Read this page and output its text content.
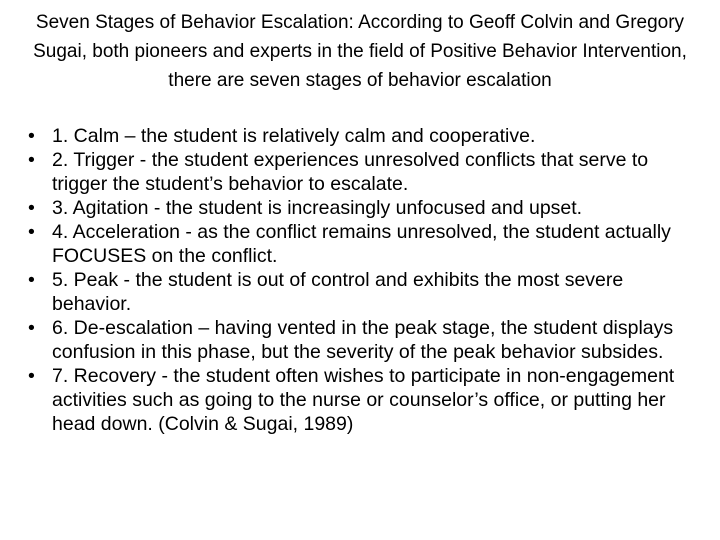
Seven Stages of Behavior Escalation: According to Geoff Colvin and Gregory Sugai, both pioneers and experts in the field of Positive Behavior Intervention, there are seven stages of behavior escalation
• 1. Calm – the student is relatively calm and cooperative.
• 2. Trigger - the student experiences unresolved conflicts that serve to trigger the student’s behavior to escalate.
• 3. Agitation - the student is increasingly unfocused and upset.
• 4. Acceleration - as the conflict remains unresolved, the student actually FOCUSES on the conflict.
• 5. Peak - the student is out of control and exhibits the most severe behavior.
• 6. De-escalation – having vented in the peak stage, the student displays confusion in this phase, but the severity of the peak behavior subsides.
• 7. Recovery - the student often wishes to participate in non-engagement activities such as going to the nurse or counselor’s office, or putting her head down. (Colvin & Sugai, 1989)
